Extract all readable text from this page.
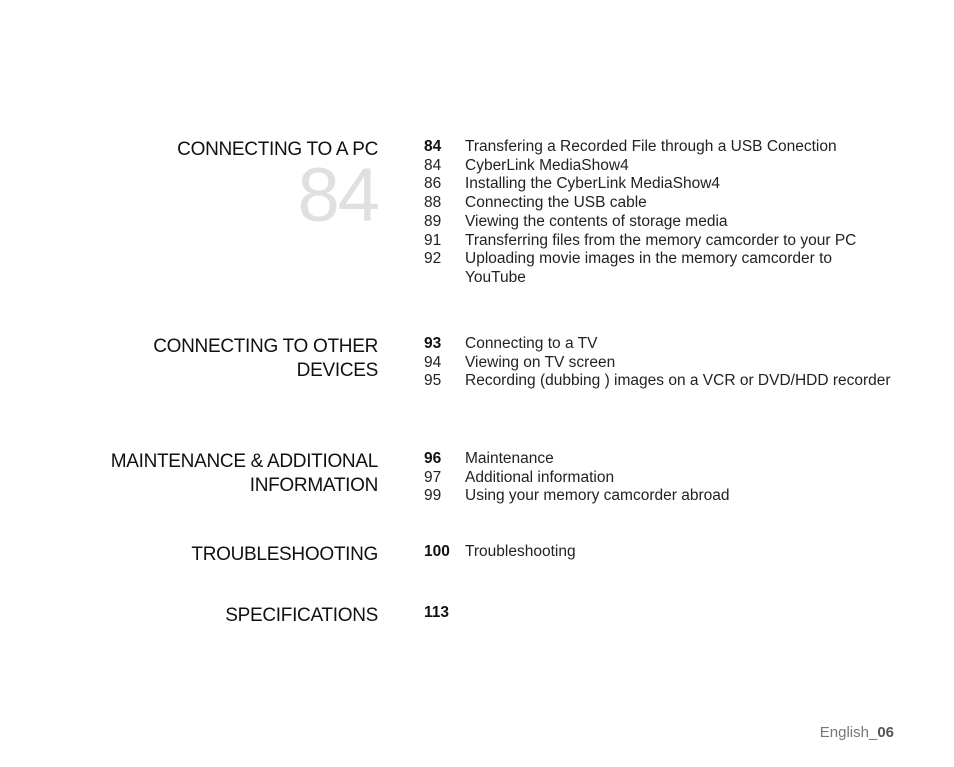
CONNECTING TO A PC
84
84	Transfering a Recorded File through a USB Conection
84	CyberLink MediaShow4
86	Installing the CyberLink MediaShow4
88	Connecting the USB cable
89	Viewing the contents of storage media
91	Transferring files from the memory camcorder to your PC
92	Uploading movie images in the memory camcorder to YouTube
CONNECTING TO OTHER
DEVICES
93	Connecting to a TV
94	Viewing on TV screen
95	Recording (dubbing ) images on a VCR or DVD/HDD recorder
MAINTENANCE & ADDITIONAL
INFORMATION
96	Maintenance
97	Additional information
99	Using your memory camcorder abroad
TROUBLESHOOTING	100 Troubleshooting
SPECIFICATIONS	113
English_06
